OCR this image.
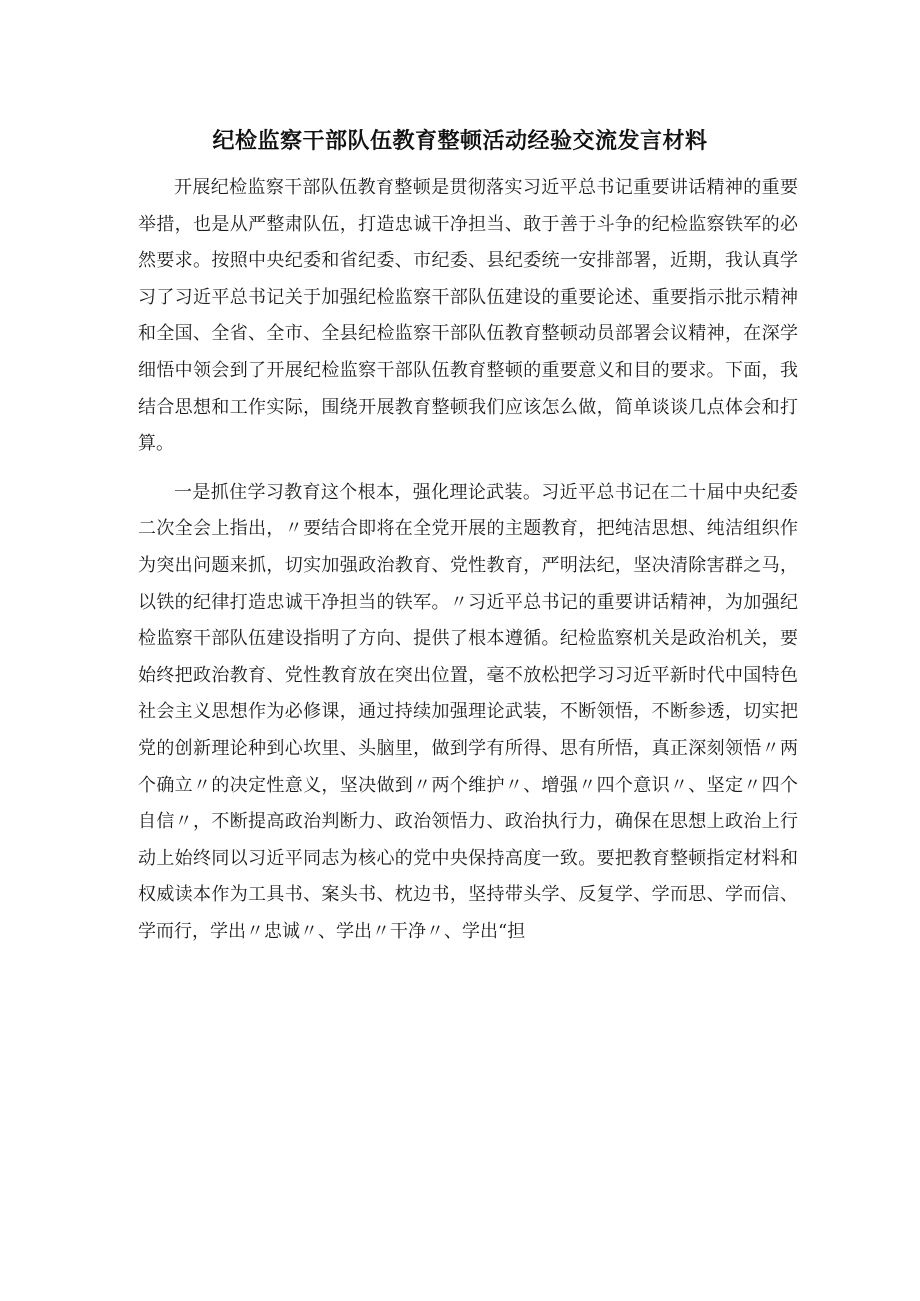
纪检监察干部队伍教育整顿活动经验交流发言材料

开展纪检监察干部队伍教育整顿是贯彻落实习近平总书记重要讲话精神的重要举措，也是从严整肃队伍，打造忠诚干净担当、敢于善于斗争的纪检监察铁军的必然要求。按照中央纪委和省纪委、市纪委、县纪委统一安排部署，近期，我认真学习了习近平总书记关于加强纪检监察干部队伍建设的重要论述、重要指示批示精神和全国、全省、全市、全县纪检监察干部队伍教育整顿动员部署会议精神，在深学细悟中领会到了开展纪检监察干部队伍教育整顿的重要意义和目的要求。下面，我结合思想和工作实际，围绕开展教育整顿我们应该怎么做，简单谈谈几点体会和打算。

一是抓住学习教育这个根本，强化理论武装。习近平总书记在二十届中央纪委二次全会上指出，〃要结合即将在全党开展的主题教育，把纯洁思想、纯洁组织作为突出问题来抓，切实加强政治教育、党性教育，严明法纪，坚决清除害群之马，以铁的纪律打造忠诚干净担当的铁军。〃习近平总书记的重要讲话精神，为加强纪检监察干部队伍建设指明了方向、提供了根本遵循。纪检监察机关是政治机关，要始终把政治教育、党性教育放在突出位置，毫不放松把学习习近平新时代中国特色社会主义思想作为必修课，通过持续加强理论武装，不断领悟，不断参透，切实把党的创新理论种到心坎里、头脑里，做到学有所得、思有所悟，真正深刻领悟〃两个确立〃的决定性意义，坚决做到〃两个维护〃、增强〃四个意识〃、坚定〃四个自信〃，不断提高政治判断力、政治领悟力、政治执行力，确保在思想上政治上行动上始终同以习近平同志为核心的党中央保持高度一致。要把教育整顿指定材料和权威读本作为工具书、案头书、枕边书，坚持带头学、反复学、学而思、学而信、学而行，学出〃忠诚〃、学出〃干净〃、学出“担
